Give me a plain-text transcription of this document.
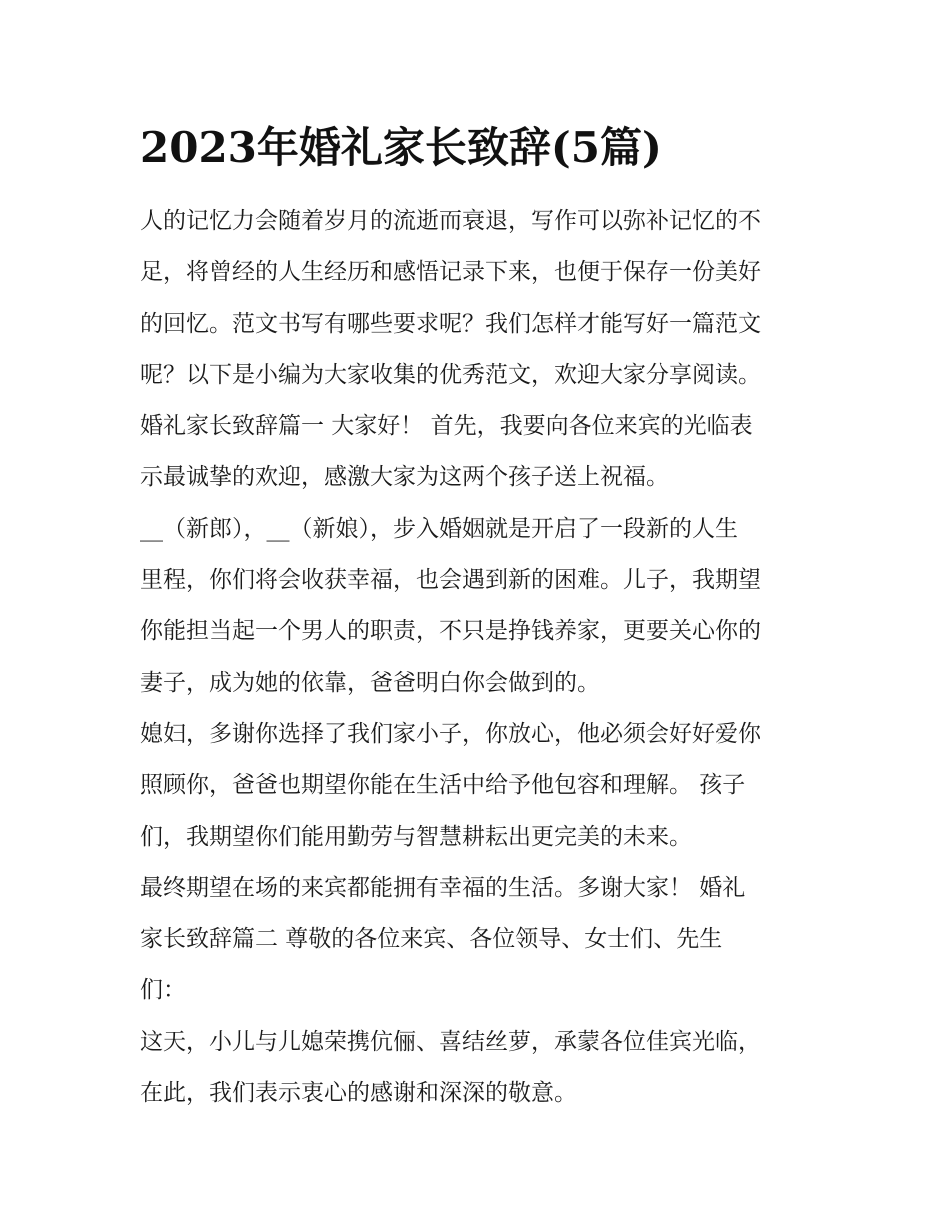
2023年婚礼家长致辞(5篇)
人的记忆力会随着岁月的流逝而衰退，写作可以弥补记忆的不
足，将曾经的人生经历和感悟记录下来，也便于保存一份美好
的回忆。范文书写有哪些要求呢？我们怎样才能写好一篇范文
呢？以下是小编为大家收集的优秀范文，欢迎大家分享阅读。
婚礼家长致辞篇一 大家好！ 首先，我要向各位来宾的光临表
示最诚挚的欢迎，感激大家为这两个孩子送上祝福。
__（新郎），__（新娘），步入婚姻就是开启了一段新的人生
里程，你们将会收获幸福，也会遇到新的困难。儿子，我期望
你能担当起一个男人的职责，不只是挣钱养家，更要关心你的
妻子，成为她的依靠，爸爸明白你会做到的。
媳妇，多谢你选择了我们家小子，你放心，他必须会好好爱你
照顾你，爸爸也期望你能在生活中给予他包容和理解。 孩子
们，我期望你们能用勤劳与智慧耕耘出更完美的未来。
最终期望在场的来宾都能拥有幸福的生活。多谢大家！ 婚礼
家长致辞篇二 尊敬的各位来宾、各位领导、女士们、先生
们：
这天，小儿与儿媳荣携伉俪、喜结丝萝，承蒙各位佳宾光临，
在此，我们表示衷心的感谢和深深的敬意。
